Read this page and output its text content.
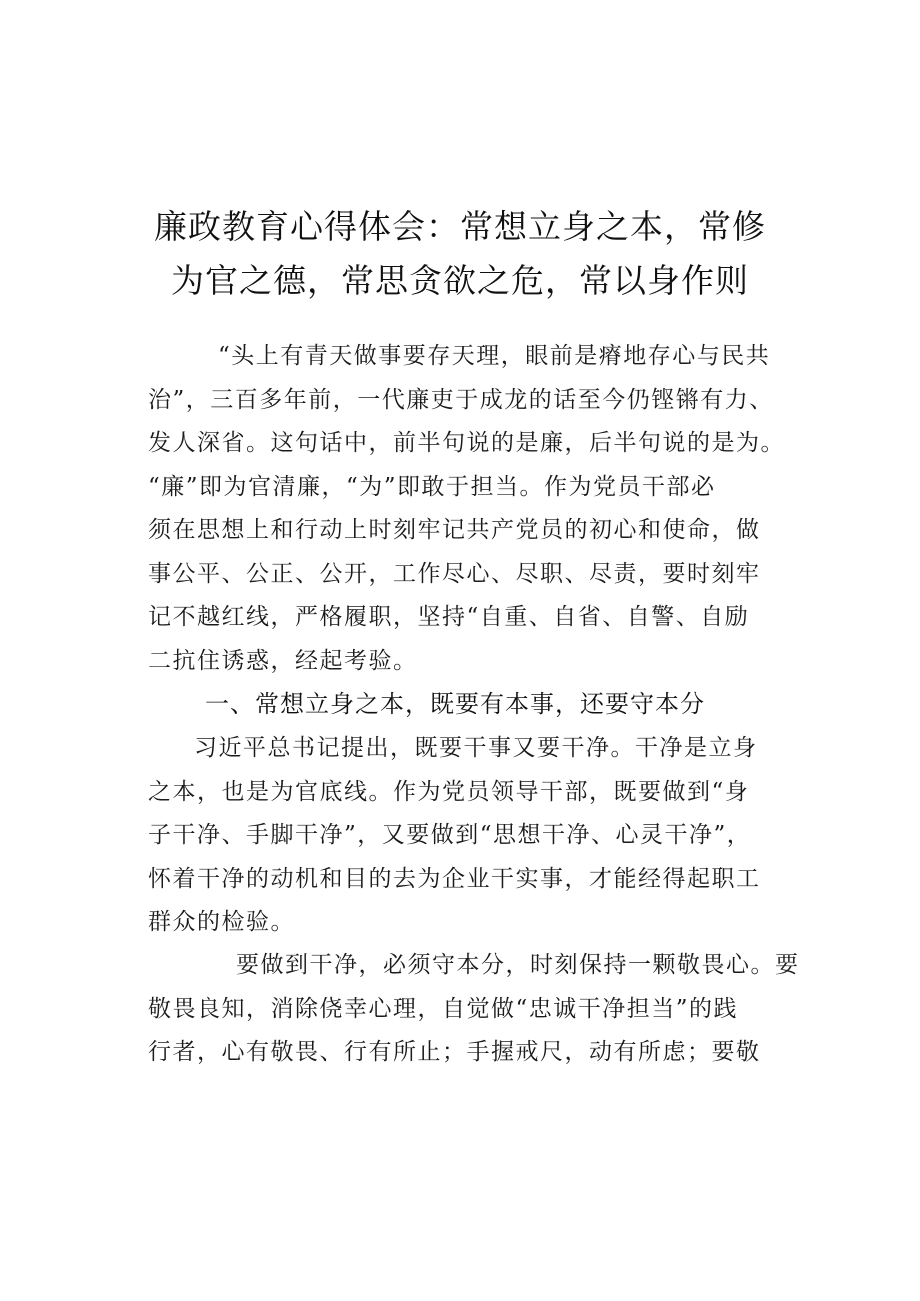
廉政教育心得体会：常想立身之本，常修
为官之德，常思贪欲之危，常以身作则
“头上有青天做事要存天理，眼前是瘠地存心与民共
治”，三百多年前，一代廉吏于成龙的话至今仍铿锵有力、
发人深省。这句话中，前半句说的是廉，后半句说的是为。
“廉”即为官清廉，“为”即敢于担当。作为党员干部必
须在思想上和行动上时刻牢记共产党员的初心和使命，做
事公平、公正、公开，工作尽心、尽职、尽责，要时刻牢
记不越红线，严格履职，坚持“自重、自省、自警、自励
二抗住诱惑，经起考验。
一、常想立身之本，既要有本事，还要守本分
习近平总书记提出，既要干事又要干净。干净是立身
之本，也是为官底线。作为党员领导干部，既要做到“身
子干净、手脚干净”，又要做到“思想干净、心灵干净”，
怀着干净的动机和目的去为企业干实事，才能经得起职工
群众的检验。
要做到干净，必须守本分，时刻保持一颗敬畏心。要
敬畏良知，消除侥幸心理，自觉做“忠诚干净担当”的践
行者，心有敬畏、行有所止；手握戒尺，动有所虑；要敬
